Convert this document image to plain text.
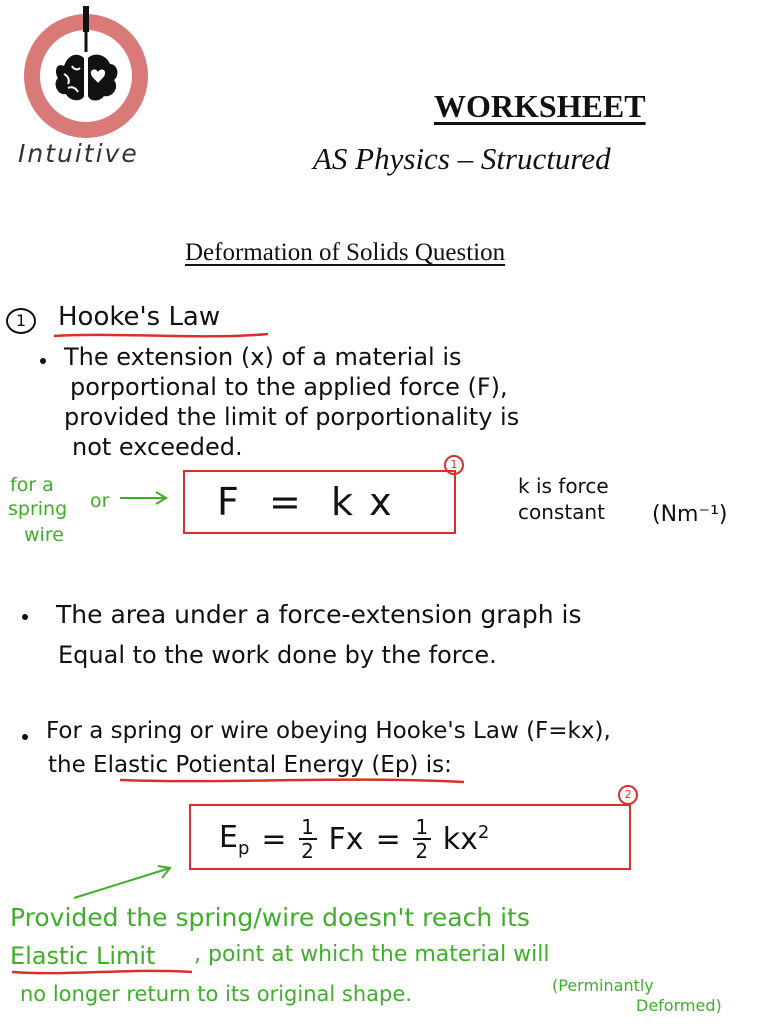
Intuitive
WORKSHEET
AS Physics – Structured
Deformation of Solids Question
1	Hooke's Law
The extension (x) of a material is
porportional to the applied force (F),
provided the limit of porportionality is
not exceeded.
for a
spring or
wire
F  =  k x
1
k is force
constant (Nm⁻¹)
The area under a force-extension graph is
Equal to the work done by the force.
For a spring or wire obeying Hooke's Law (F=kx),
the Elastic Potiental Energy (Ep) is:
$E_p = 1$
2 Fx = 1
2 $kx^2$
2
Provided the spring/wire doesn't reach its
Elastic Limit , point at which the material will
no longer return to its original shape.	(Perminantly
Deformed)
